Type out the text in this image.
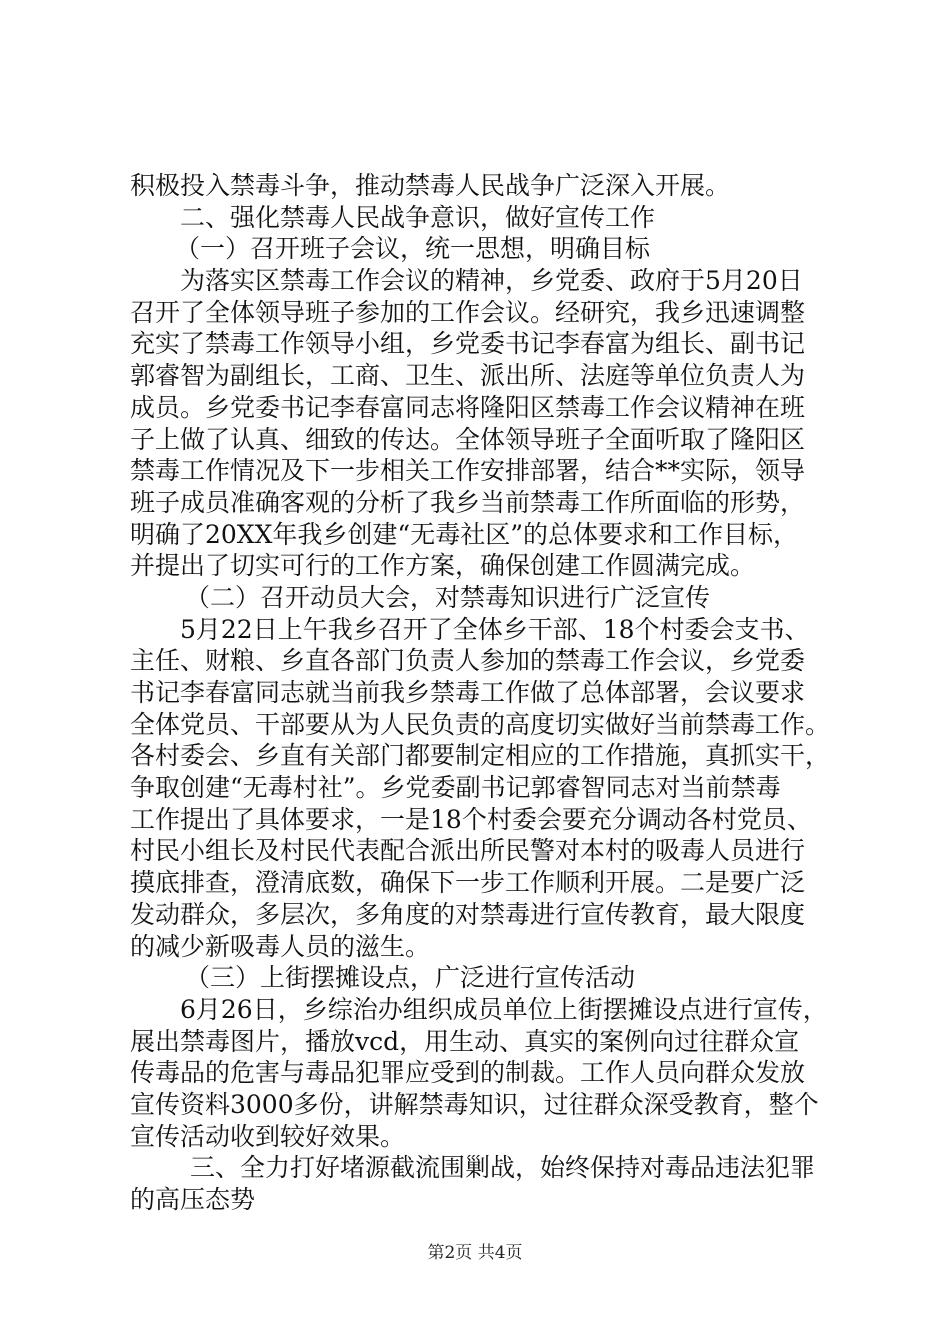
积极投入禁毒斗争，推动禁毒人民战争广泛深入开展。
二、强化禁毒人民战争意识，做好宣传工作
（一）召开班子会议，统一思想，明确目标
为落实区禁毒工作会议的精神，乡党委、政府于5月20日
召开了全体领导班子参加的工作会议。经研究，我乡迅速调整
充实了禁毒工作领导小组，乡党委书记李春富为组长、副书记
郭睿智为副组长，工商、卫生、派出所、法庭等单位负责人为
成员。乡党委书记李春富同志将隆阳区禁毒工作会议精神在班
子上做了认真、细致的传达。全体领导班子全面听取了隆阳区
禁毒工作情况及下一步相关工作安排部署，结合**实际，领导
班子成员准确客观的分析了我乡当前禁毒工作所面临的形势，
明确了20XX年我乡创建“无毒社区”的总体要求和工作目标，
并提出了切实可行的工作方案，确保创建工作圆满完成。
（二）召开动员大会，对禁毒知识进行广泛宣传
5月22日上午我乡召开了全体乡干部、18个村委会支书、
主任、财粮、乡直各部门负责人参加的禁毒工作会议，乡党委
书记李春富同志就当前我乡禁毒工作做了总体部署，会议要求
全体党员、干部要从为人民负责的高度切实做好当前禁毒工作。
各村委会、乡直有关部门都要制定相应的工作措施，真抓实干，
争取创建“无毒村社”。乡党委副书记郭睿智同志对当前禁毒
工作提出了具体要求，一是18个村委会要充分调动各村党员、
村民小组长及村民代表配合派出所民警对本村的吸毒人员进行
摸底排查，澄清底数，确保下一步工作顺利开展。二是要广泛
发动群众，多层次，多角度的对禁毒进行宣传教育，最大限度
的减少新吸毒人员的滋生。
（三）上街摆摊设点，广泛进行宣传活动
6月26日，乡综治办组织成员单位上街摆摊设点进行宣传，
展出禁毒图片，播放vcd，用生动、真实的案例向过往群众宣
传毒品的危害与毒品犯罪应受到的制裁。工作人员向群众发放
宣传资料3000多份，讲解禁毒知识，过往群众深受教育，整个
宣传活动收到较好效果。
三、全力打好堵源截流围剿战，始终保持对毒品违法犯罪
的高压态势
第2页 共4页
